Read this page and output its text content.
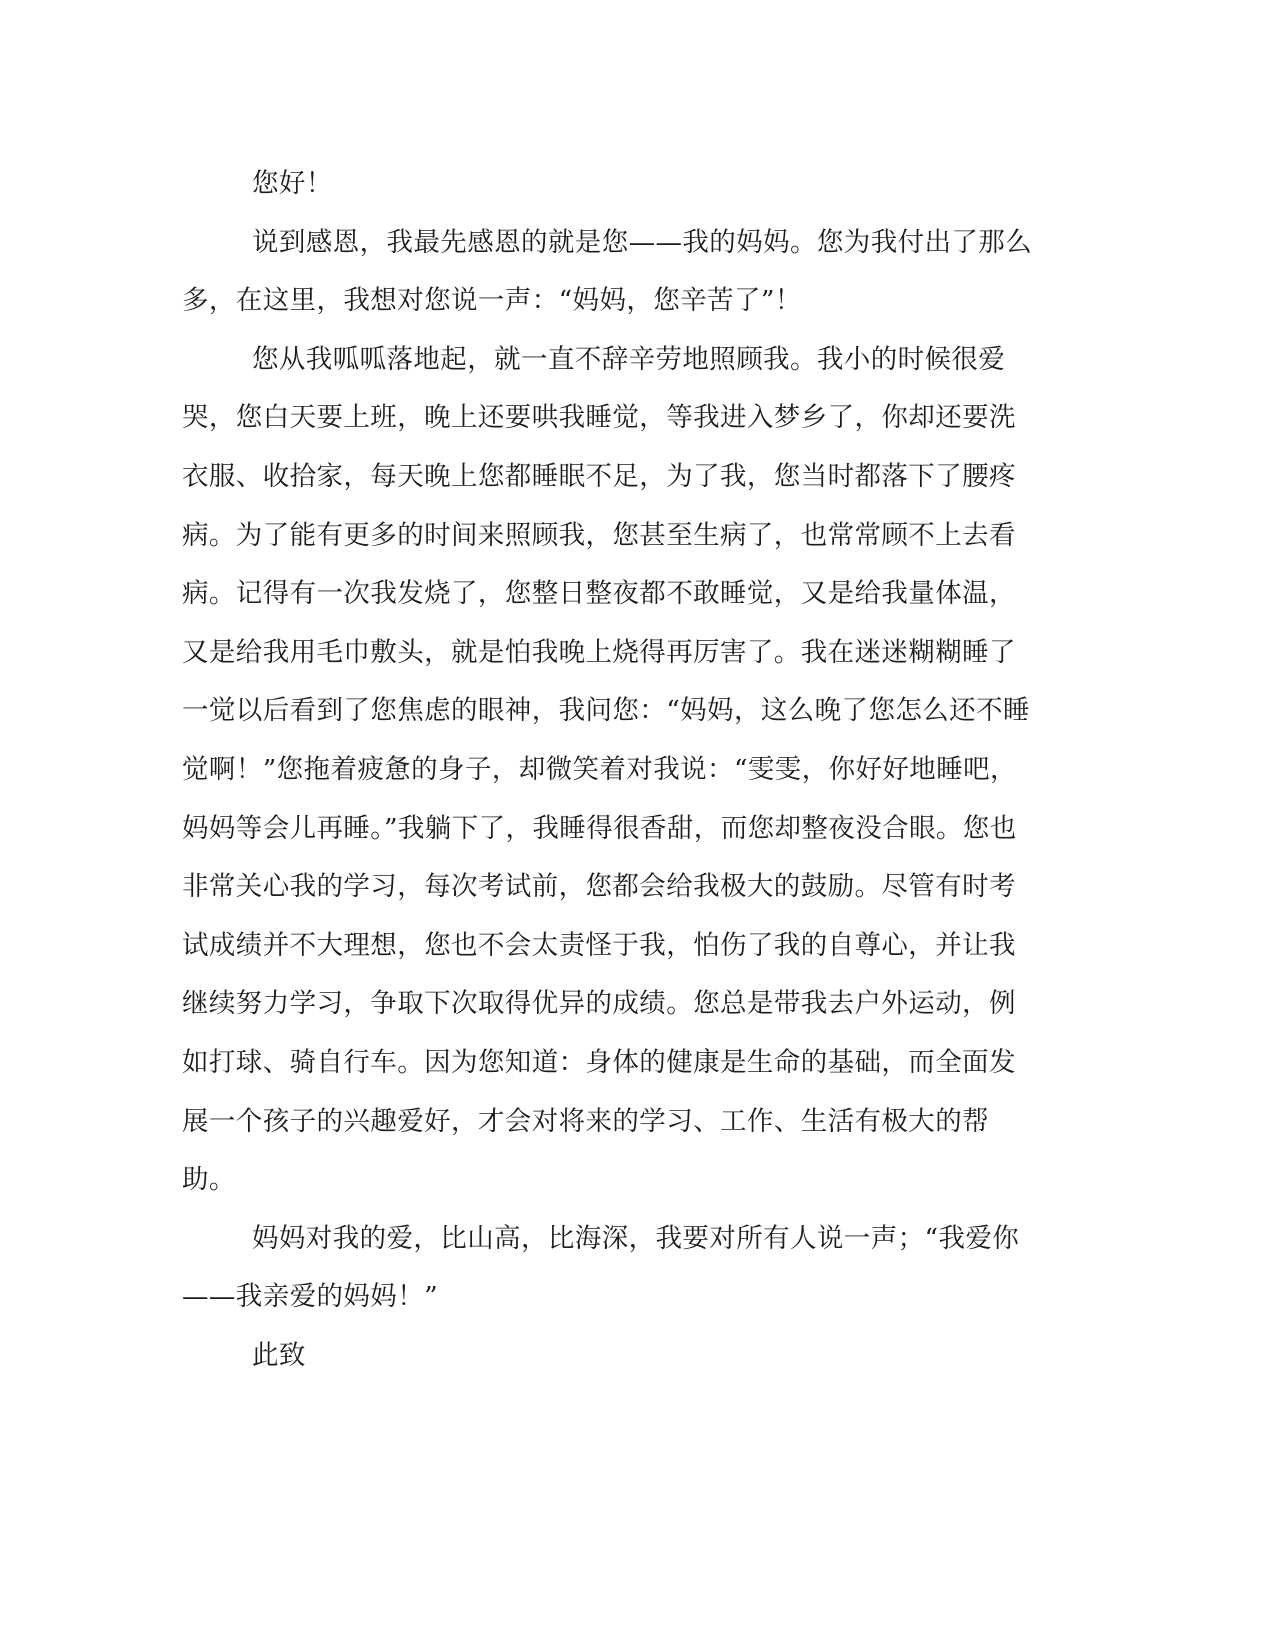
您好！

说到感恩，我最先感恩的就是您——我的妈妈。您为我付出了那么多，在这里，我想对您说一声：“妈妈，您辛苦了”！

您从我呱呱落地起，就一直不辞辛劳地照顾我。我小的时候很爱哭，您白天要上班，晚上还要哄我睡觉，等我进入梦乡了，你却还要洗衣服、收拾家，每天晚上您都睡眠不足，为了我，您当时都落下了腰疼病。为了能有更多的时间来照顾我，您甚至生病了，也常常顾不上去看病。记得有一次我发烧了，您整日整夜都不敢睡觉，又是给我量体温，又是给我用毛巾敷头，就是怕我晚上烧得再厉害了。我在迷迷糊糊睡了一觉以后看到了您焦虑的眼神，我问您：“妈妈，这么晚了您怎么还不睡觉啊！”您拖着疲惫的身子，却微笑着对我说：“雯雯，你好好地睡吧，妈妈等会儿再睡。”我躺下了，我睡得很香甜，而您却整夜没合眼。您也非常关心我的学习，每次考试前，您都会给我极大的鼓励。尽管有时考试成绩并不大理想，您也不会太责怪于我，怕伤了我的自尊心，并让我继续努力学习，争取下次取得优异的成绩。您总是带我去户外运动，例如打球、骑自行车。因为您知道：身体的健康是生命的基础，而全面发展一个孩子的兴趣爱好，才会对将来的学习、工作、生活有极大的帮助。

妈妈对我的爱，比山高，比海深，我要对所有人说一声；“我爱你——我亲爱的妈妈！”

此致
